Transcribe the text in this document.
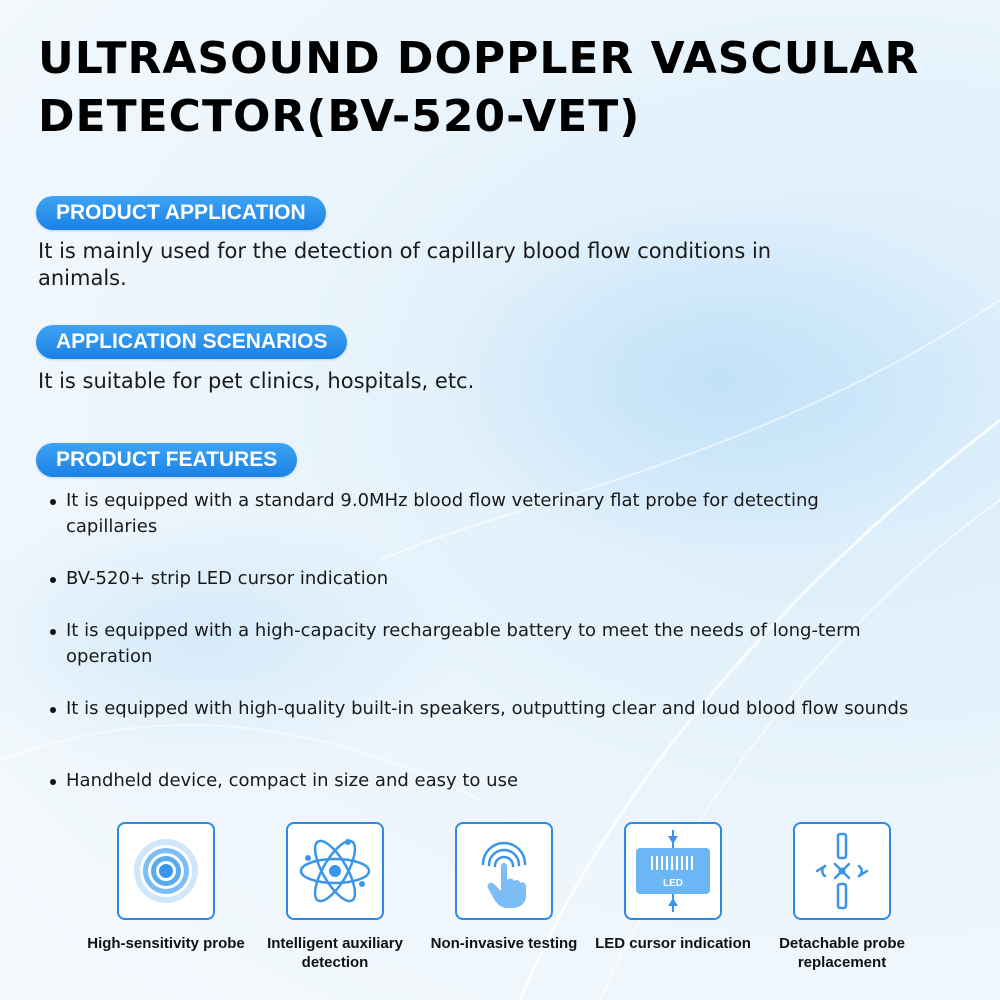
ULTRASOUND DOPPLER VASCULAR DETECTOR(BV-520-VET)
PRODUCT APPLICATION

It is mainly used for the detection of capillary blood flow conditions in animals.

APPLICATION SCENARIOS

It is suitable for pet clinics, hospitals, etc.

PRODUCT FEATURES
It is equipped with a standard 9.0MHz blood flow veterinary flat probe for detecting capillaries
BV-520+ strip LED cursor indication
It is equipped with a high-capacity rechargeable battery to meet the needs of long-term operation
It is equipped with high-quality built-in speakers, outputting clear and loud blood flow sounds
Handheld device, compact in size and easy to use

High-sensitivity probe	Intelligent auxiliary detection

Non-invasive testing

LED

LED cursor indication	Detachable probe replacement
